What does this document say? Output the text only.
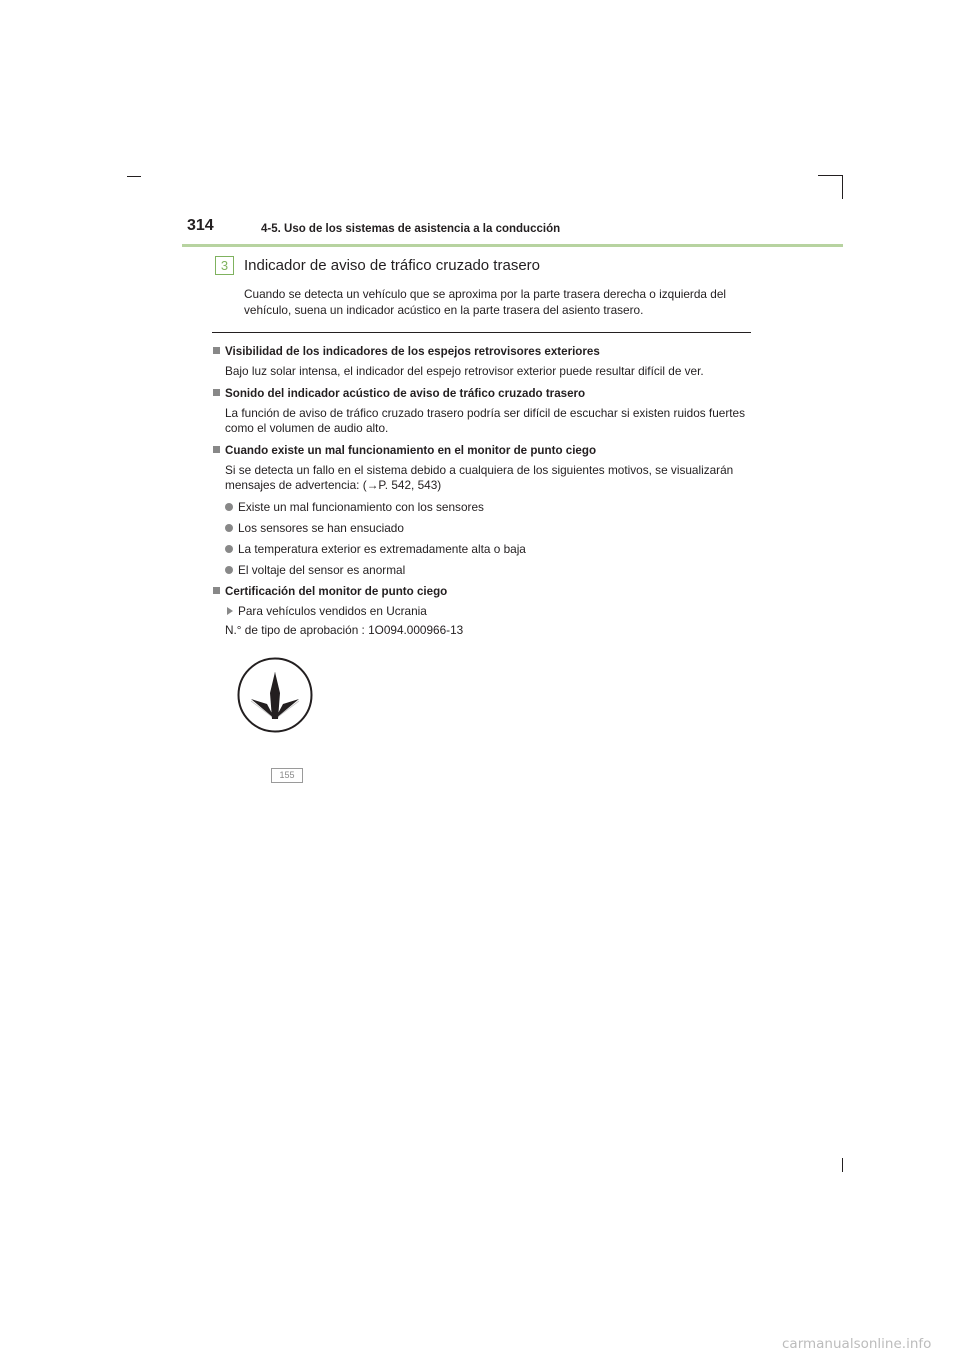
314	4-5. Uso de los sistemas de asistencia a la conducción
3	Indicador de aviso de tráfico cruzado trasero
Cuando se detecta un vehículo que se aproxima por la parte trasera derecha o izquierda del vehículo, suena un indicador acústico en la parte trasera del asiento trasero.
Visibilidad de los indicadores de los espejos retrovisores exteriores
Bajo luz solar intensa, el indicador del espejo retrovisor exterior puede resultar difícil de ver.
Sonido del indicador acústico de aviso de tráfico cruzado trasero
La función de aviso de tráfico cruzado trasero podría ser difícil de escuchar si existen ruidos fuertes como el volumen de audio alto.
Cuando existe un mal funcionamiento en el monitor de punto ciego
Si se detecta un fallo en el sistema debido a cualquiera de los siguientes motivos, se visualizarán mensajes de advertencia: (→P. 542, 543)
Existe un mal funcionamiento con los sensores
Los sensores se han ensuciado
La temperatura exterior es extremadamente alta o baja
El voltaje del sensor es anormal
Certificación del monitor de punto ciego
Para vehículos vendidos en Ucrania
N.° de tipo de aprobación : 1O094.000966-13
155
carmanualsonline.info
